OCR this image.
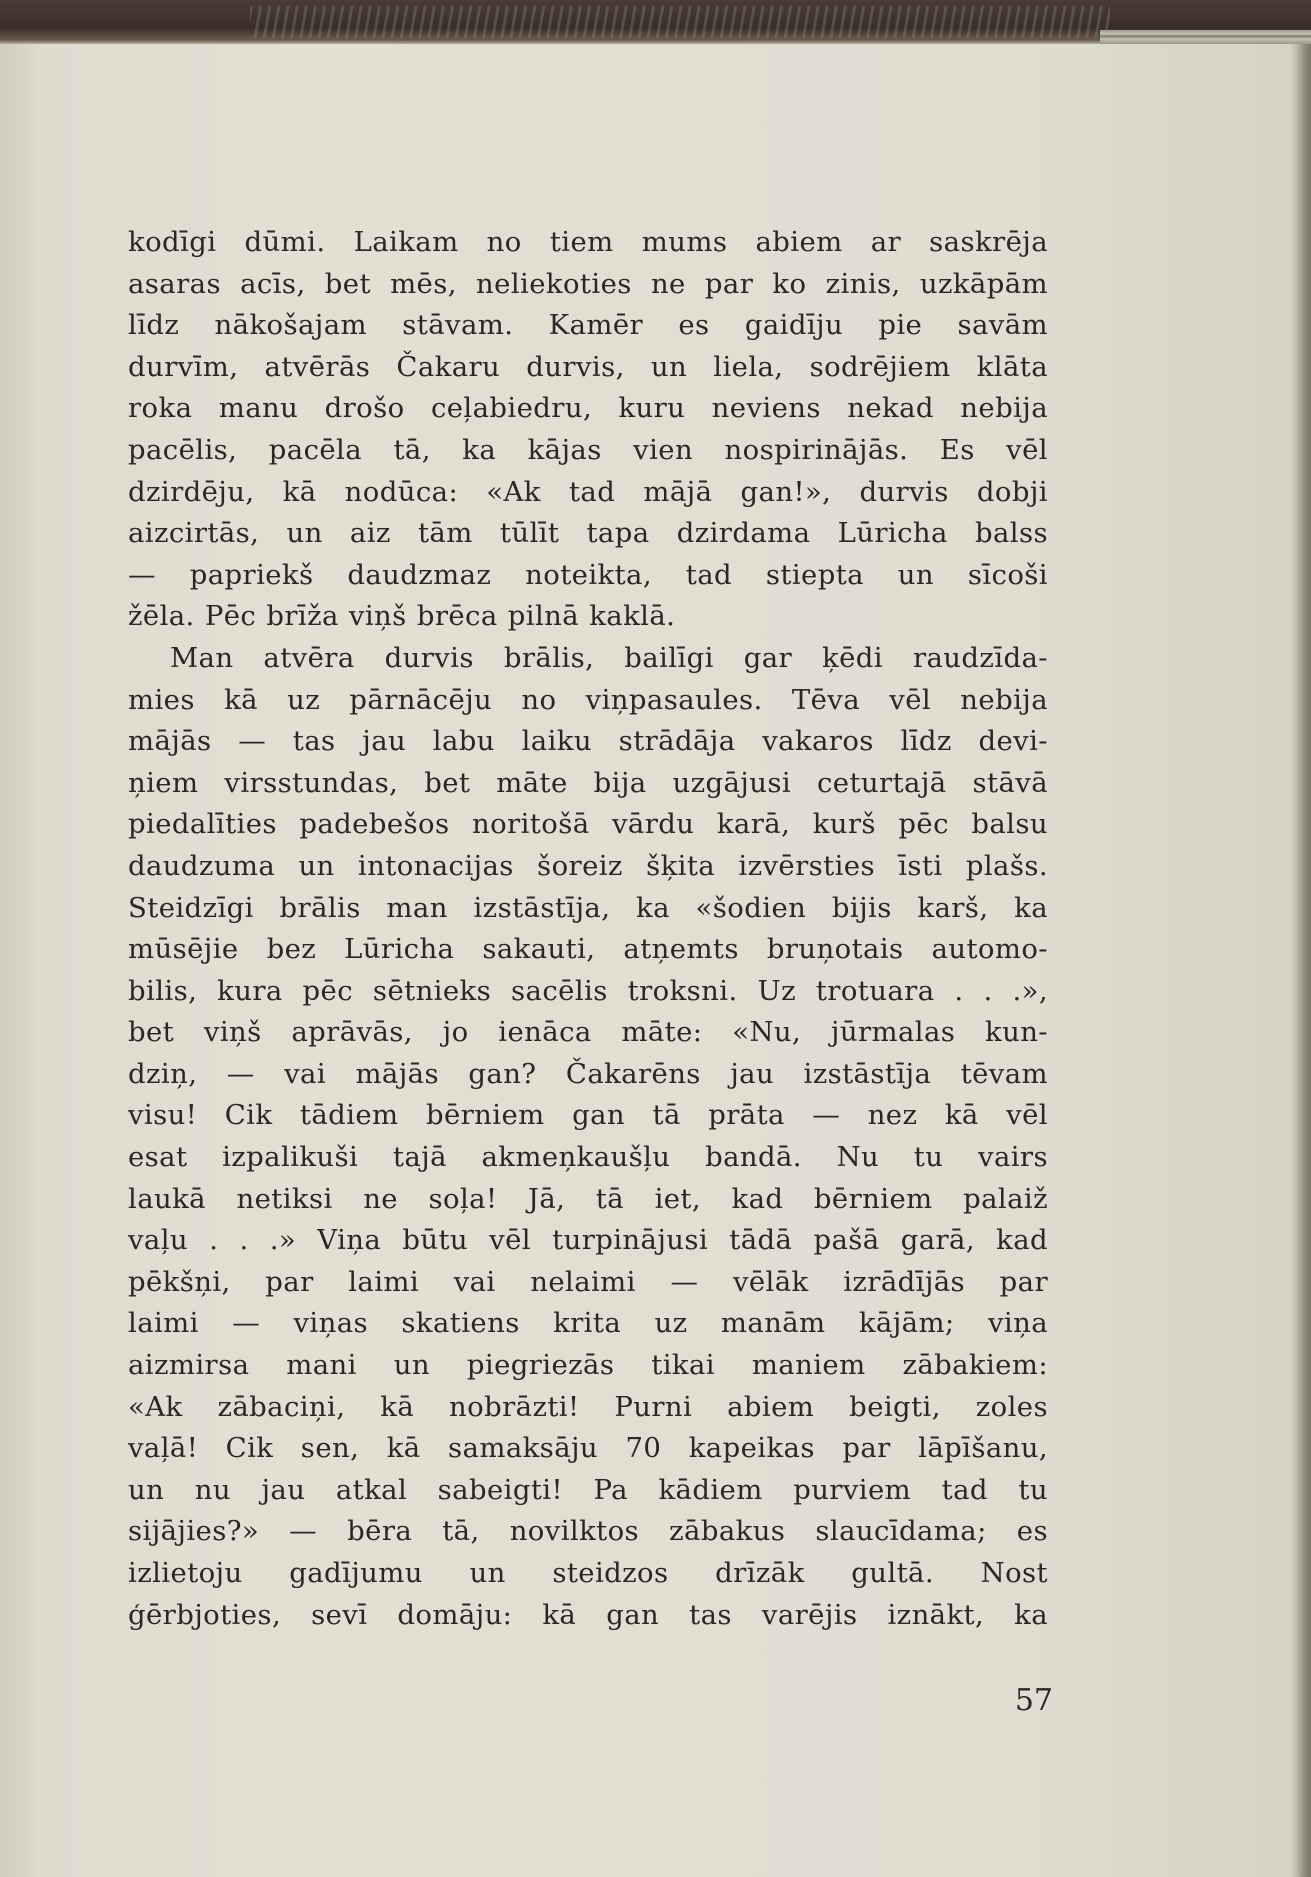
kodīgi dūmi. Laikam no tiem mums abiem ar saskrēja
asaras acīs, bet mēs, neliekoties ne par ko zinis, uzkāpām
līdz nākošajam stāvam. Kamēr es gaidīju pie savām
durvīm, atvērās Čakaru durvis, un liela, sodrējiem klāta
roka manu drošo ceļabiedru, kuru neviens nekad nebija
pacēlis, pacēla tā, ka kājas vien nospirinājās. Es vēl
dzirdēju, kā nodūca: «Ak tad mājā gan!», durvis dobji
aizcirtās, un aiz tām tūlīt tapa dzirdama Lūricha balss
— papriekš daudzmaz noteikta, tad stiepta un sīcoši
žēla. Pēc brīža viņš brēca pilnā kaklā.
Man atvēra durvis brālis, bailīgi gar ķēdi raudzīda-
mies kā uz pārnācēju no viņpasaules. Tēva vēl nebija
mājās — tas jau labu laiku strādāja vakaros līdz devi-
ņiem virsstundas, bet māte bija uzgājusi ceturtajā stāvā
piedalīties padebešos noritošā vārdu karā, kurš pēc balsu
daudzuma un intonacijas šoreiz šķita izvērsties īsti plašs.
Steidzīgi brālis man izstāstīja, ka «šodien bijis karš, ka
mūsējie bez Lūricha sakauti, atņemts bruņotais automo-
bilis, kura pēc sētnieks sacēlis troksni. Uz trotuara . . .»,
bet viņš aprāvās, jo ienāca māte: «Nu, jūrmalas kun-
dziņ, — vai mājās gan? Čakarēns jau izstāstīja tēvam
visu! Cik tādiem bērniem gan tā prāta — nez kā vēl
esat izpalikuši tajā akmeņkaušļu bandā. Nu tu vairs
laukā netiksi ne soļa! Jā, tā iet, kad bērniem palaiž
vaļu . . .» Viņa būtu vēl turpinājusi tādā pašā garā, kad
pēkšņi, par laimi vai nelaimi — vēlāk izrādījās par
laimi — viņas skatiens krita uz manām kājām; viņa
aizmirsa mani un piegriezās tikai maniem zābakiem:
«Ak zābaciņi, kā nobrāzti! Purni abiem beigti, zoles
vaļā! Cik sen, kā samaksāju 70 kapeikas par lāpīšanu,
un nu jau atkal sabeigti! Pa kādiem purviem tad tu
sijājies?» — bēra tā, novilktos zābakus slaucīdama; es
izlietoju gadījumu un steidzos drīzāk gultā. Nost
ģērbjoties, sevī domāju: kā gan tas varējis iznākt, ka
57
